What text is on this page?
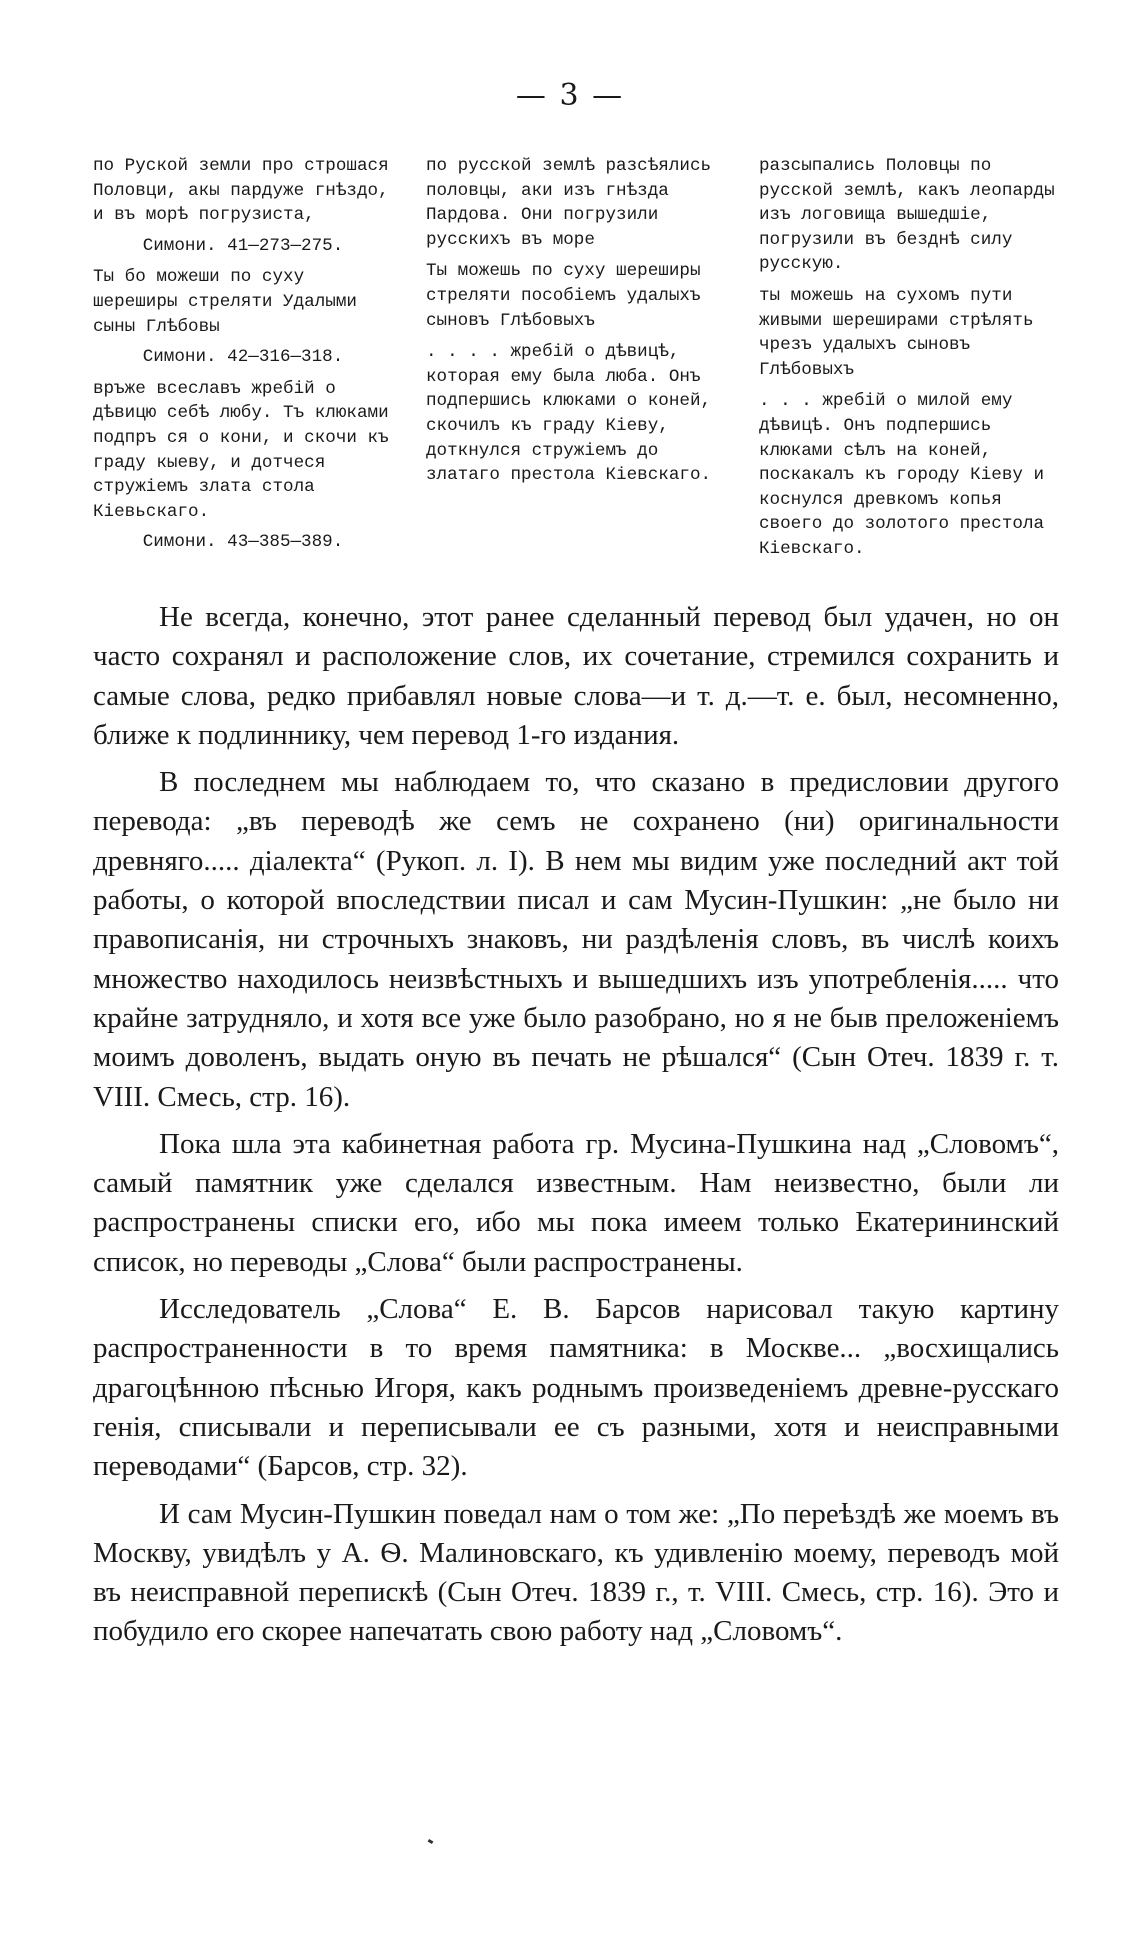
— 3 —
по Руской земли про строшася Половци, акы пардуже гнѣздо, и въ морѣ погрузиста,
Симони. 41—273—275.
Ты бо можеши по суху шереширы стреляти Удалыми сыны Глѣбовы
Симони. 42—316—318.
връже всеславъ жребій о дѣвицю себѣ любу. Тъ клюками подпръ ся о кони, и скочи къ граду кыеву, и дотчеся стружіемъ злата стола Кіевьскаго.
Симони. 43—385—389.
по русской землѣ разсѣялись половцы, аки изъ гнѣзда Пардова. Они погрузили русскихъ въ море
Ты можешь по суху шереширы стреляти пособіемъ удалыхъ сыновъ Глѣбовыхъ
. . . . жребій о дѣвицѣ, которая ему была люба. Онъ подпершись клюками о коней, скочилъ къ граду Кіеву, доткнулся стружіемъ до златаго престола Кіевскаго.
разсыпались Половцы по русской землѣ, какъ леопарды изъ логовища вышедшіе, погрузили въ безднѣ силу русскую.
ты можешь на сухомъ пути живыми шереширами стрѣлять чрезъ удалыхъ сыновъ Глѣбовыхъ
. . . жребій о милой ему дѣвицѣ. Онъ подпершись клюками сѣлъ на коней, поскакалъ къ городу Кіеву и коснулся древкомъ копья своего до золотого престола Кіевскаго.

Не всегда, конечно, этот ранее сделанный перевод был удачен, но он часто сохранял и расположение слов, их сочетание, стремился сохранить и самые слова, редко прибавлял новые слова—и т. д.—т. е. был, несомненно, ближе к подлиннику, чем перевод 1-го издания.

В последнем мы наблюдаем то, что сказано в предисловии другого перевода: „въ переводѣ же семъ не сохранено (ни) оригинальности древняго..... діалекта“ (Рукоп. л. I). В нем мы видим уже последний акт той работы, о которой впоследствии писал и сам Мусин-Пушкин: „не было ни правописанія, ни строчныхъ знаковъ, ни раздѣленія словъ, въ числѣ коихъ множество находилось неизвѣстныхъ и вышедшихъ изъ употребленія..... что крайне затрудняло, и хотя все уже было разобрано, но я не быв преложеніемъ моимъ доволенъ, выдать оную въ печать не рѣшался“ (Сын Отеч. 1839 г. т. VIII. Смесь, стр. 16).

Пока шла эта кабинетная работа гр. Мусина-Пушкина над „Словомъ“, самый памятник уже сделался известным. Нам неизвестно, были ли распространены списки его, ибо мы пока имеем только Екатерининский список, но переводы „Слова“ были распространены.

Исследователь „Слова“ Е. В. Барсов нарисовал такую картину распространенности в то время памятника: в Москве... „восхищались драгоцѣнною пѣснью Игоря, какъ роднымъ произведеніемъ древне-русскаго генія, списывали и переписывали ее съ разными, хотя и неисправными переводами“ (Барсов, стр. 32).

И сам Мусин-Пушкин поведал нам о том же: „По переѣздѣ же моемъ въ Москву, увидѣлъ у А. Ѳ. Малиновскаго, къ удивленію моему, переводъ мой въ неисправной перепискѣ (Сын Отеч. 1839 г., т. VIII. Смесь, стр. 16). Это и побудило его скорее напечатать свою работу над „Словомъ“.
